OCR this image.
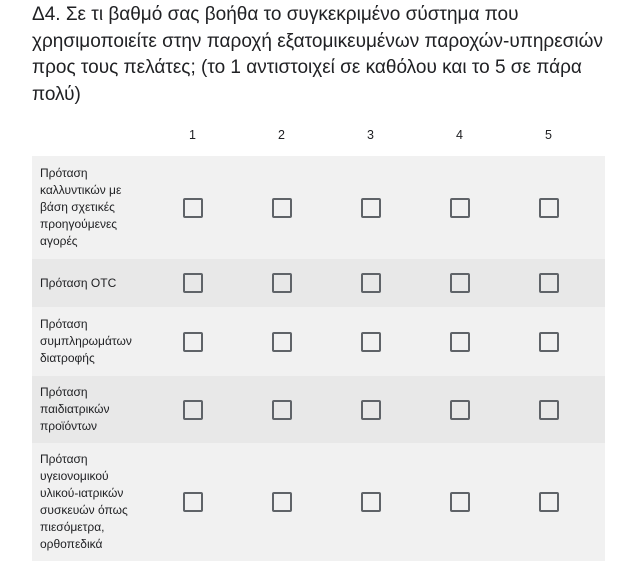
Δ4. Σε τι βαθμό σας βοήθα το συγκεκριμένο σύστημα που χρησιμοποιείτε στην παροχή εξατομικευμένων παροχών-υπηρεσιών προς τους πελάτες; (το 1 αντιστοιχεί σε καθόλου και το 5 σε πάρα πολύ)
1	2	3	4	5
Πρόταση καλλυντικών με βάση σχετικές προηγούμενες αγορές
Πρόταση OTC
Πρόταση συμπληρωμάτων διατροφής
Πρόταση παιδιατρικών προϊόντων
Πρόταση υγειονομικού υλικού-ιατρικών συσκευών όπως πιεσόμετρα, ορθοπεδικά
